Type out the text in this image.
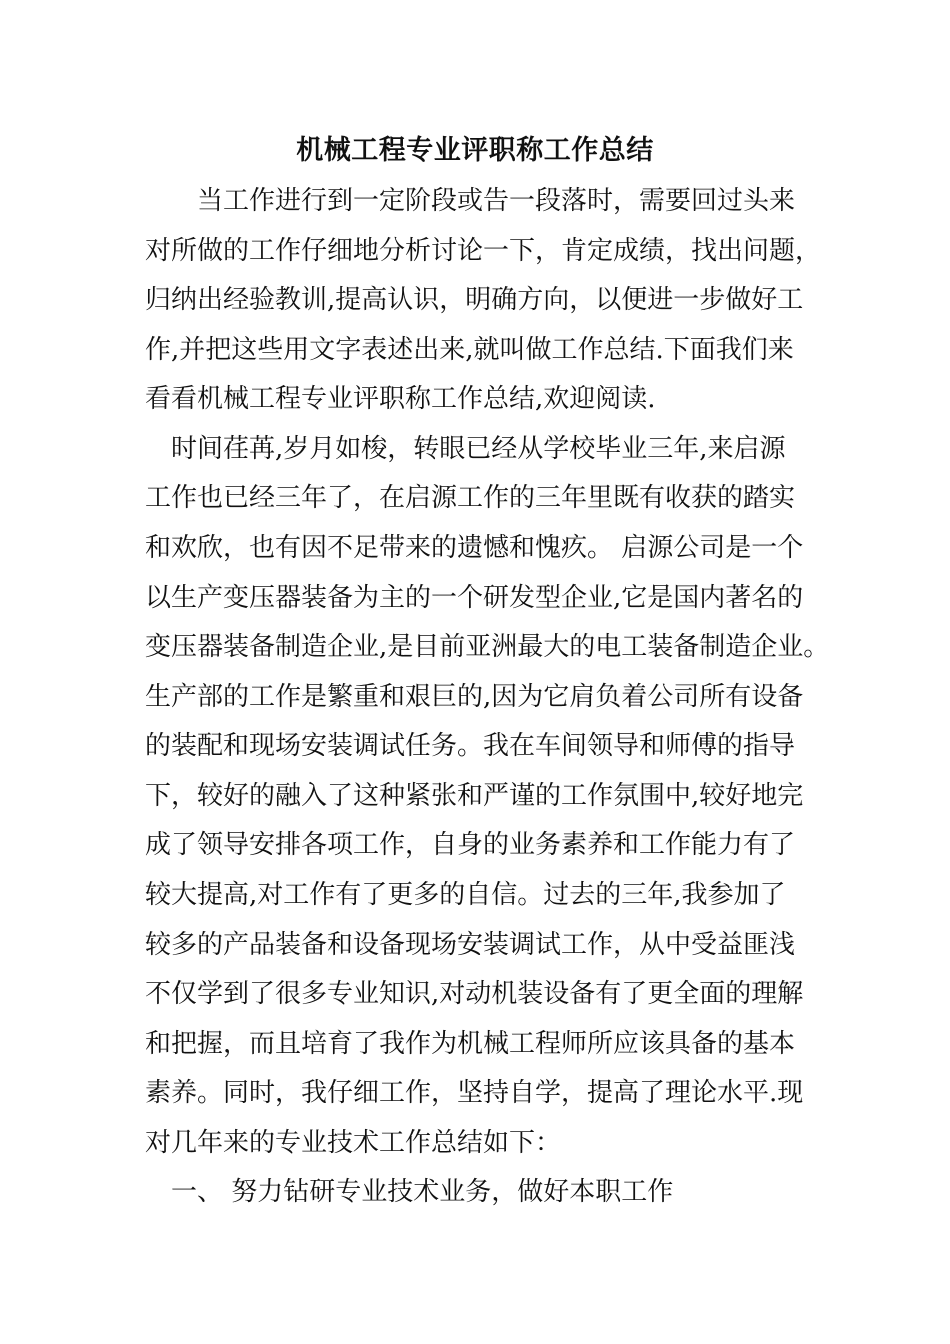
机械工程专业评职称工作总结
当工作进行到一定阶段或告一段落时，需要回过头来
对所做的工作仔细地分析讨论一下，肯定成绩，找出问题，
归纳出经验教训,提高认识，明确方向，以便进一步做好工
作,并把这些用文字表述出来,就叫做工作总结.下面我们来
看看机械工程专业评职称工作总结,欢迎阅读.
时间荏苒,岁月如梭，转眼已经从学校毕业三年,来启源
工作也已经三年了，在启源工作的三年里既有收获的踏实
和欢欣，也有因不足带来的遗憾和愧疚。 启源公司是一个
以生产变压器装备为主的一个研发型企业,它是国内著名的
变压器装备制造企业,是目前亚洲最大的电工装备制造企业。
生产部的工作是繁重和艰巨的,因为它肩负着公司所有设备
的装配和现场安装调试任务。我在车间领导和师傅的指导
下，较好的融入了这种紧张和严谨的工作氛围中,较好地完
成了领导安排各项工作，自身的业务素养和工作能力有了
较大提高,对工作有了更多的自信。过去的三年,我参加了
较多的产品装备和设备现场安装调试工作，从中受益匪浅
不仅学到了很多专业知识,对动机装设备有了更全面的理解
和把握，而且培育了我作为机械工程师所应该具备的基本
素养。同时，我仔细工作，坚持自学，提高了理论水平.现
对几年来的专业技术工作总结如下：
一、 努力钻研专业技术业务，做好本职工作
